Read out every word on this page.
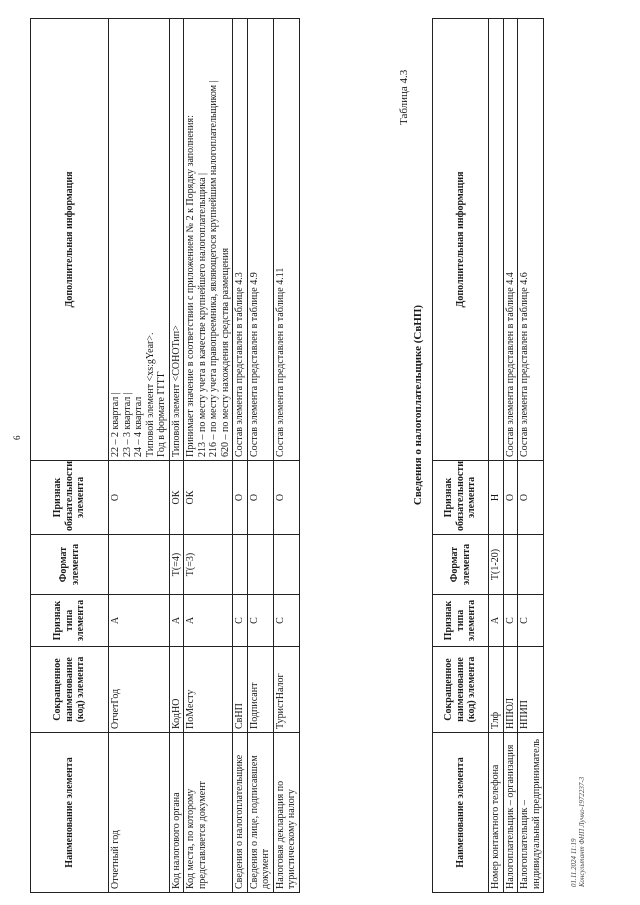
6
Наименование элемента	Сокращенное наименование (код) элемента	Признак типа элемента	Формат элемента	Признак обязательности элемента	Дополнительная информация
Отчетный год	ОтчетГод	А		О	22 – 2 квартал |
23 – 3 квартал |
24 – 4 квартал
Типовой элемент <xs:gYear>.
Год в формате ГГГГ
Код налогового органа	КодНО	А	Т(=4)	ОК	Типовой элемент <СОНОТип>
Код места, по которому представляется документ	ПоМесту	А	Т(=3)	ОК	Принимает значение в соответствии с приложением № 2 к Порядку заполнения:
213 – по месту учета в качестве крупнейшего налогоплательщика |
216 – по месту учета правопреемника, являющегося крупнейшим налогоплательщиком |
620 – по месту нахождения средства размещения
Сведения о налогоплательщике	СвНП	С		О	Состав элемента представлен в таблице 4.3
Сведения о лице, подписавшем документ	Подписант	С		О	Состав элемента представлен в таблице 4.9
Налоговая декларация по туристическому налогу	ТуристНалог	С		О	Состав элемента представлен в таблице 4.11
Таблица 4.3
Сведения о налогоплательщике (СвНП)
Наименование элемента	Сокращенное наименование (код) элемента	Признак типа элемента	Формат элемента	Признак обязательности элемента	Дополнительная информация
Номер контактного телефона	Тлф	А	Т(1-20)	Н	
Налогоплательщик – организация	НПЮЛ	С		О	Состав элемента представлен в таблице 4.4
Налогоплательщик – индивидуальный предприниматель	НПИП	С		О	Состав элемента представлен в таблице 4.6
01.11.2024 11:19
Консультант ФНП Лучко-1972237-3
